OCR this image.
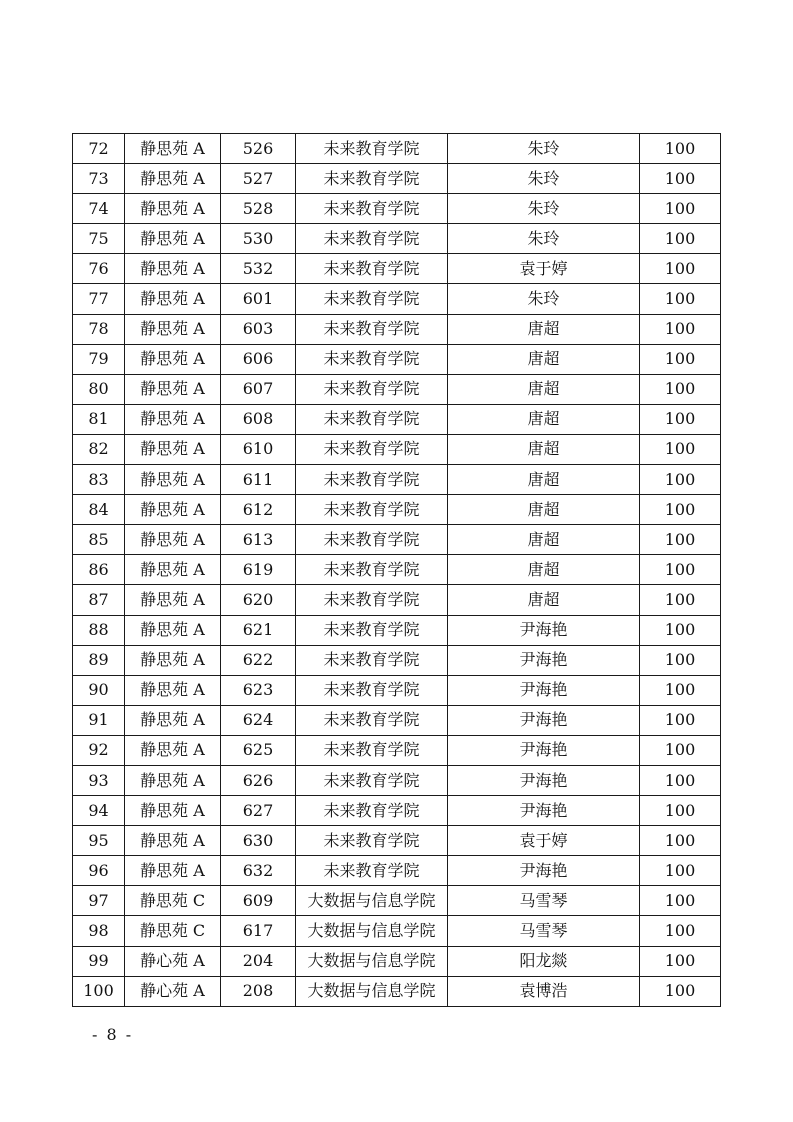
72	静思苑 A	526	未来教育学院	朱玲	100
73	静思苑 A	527	未来教育学院	朱玲	100
74	静思苑 A	528	未来教育学院	朱玲	100
75	静思苑 A	530	未来教育学院	朱玲	100
76	静思苑 A	532	未来教育学院	袁于婷	100
77	静思苑 A	601	未来教育学院	朱玲	100
78	静思苑 A	603	未来教育学院	唐超	100
79	静思苑 A	606	未来教育学院	唐超	100
80	静思苑 A	607	未来教育学院	唐超	100
81	静思苑 A	608	未来教育学院	唐超	100
82	静思苑 A	610	未来教育学院	唐超	100
83	静思苑 A	611	未来教育学院	唐超	100
84	静思苑 A	612	未来教育学院	唐超	100
85	静思苑 A	613	未来教育学院	唐超	100
86	静思苑 A	619	未来教育学院	唐超	100
87	静思苑 A	620	未来教育学院	唐超	100
88	静思苑 A	621	未来教育学院	尹海艳	100
89	静思苑 A	622	未来教育学院	尹海艳	100
90	静思苑 A	623	未来教育学院	尹海艳	100
91	静思苑 A	624	未来教育学院	尹海艳	100
92	静思苑 A	625	未来教育学院	尹海艳	100
93	静思苑 A	626	未来教育学院	尹海艳	100
94	静思苑 A	627	未来教育学院	尹海艳	100
95	静思苑 A	630	未来教育学院	袁于婷	100
96	静思苑 A	632	未来教育学院	尹海艳	100
97	静思苑 C	609	大数据与信息学院	马雪琴	100
98	静思苑 C	617	大数据与信息学院	马雪琴	100
99	静心苑 A	204	大数据与信息学院	阳龙燚	100
100	静心苑 A	208	大数据与信息学院	袁博浩	100
- 8 -
